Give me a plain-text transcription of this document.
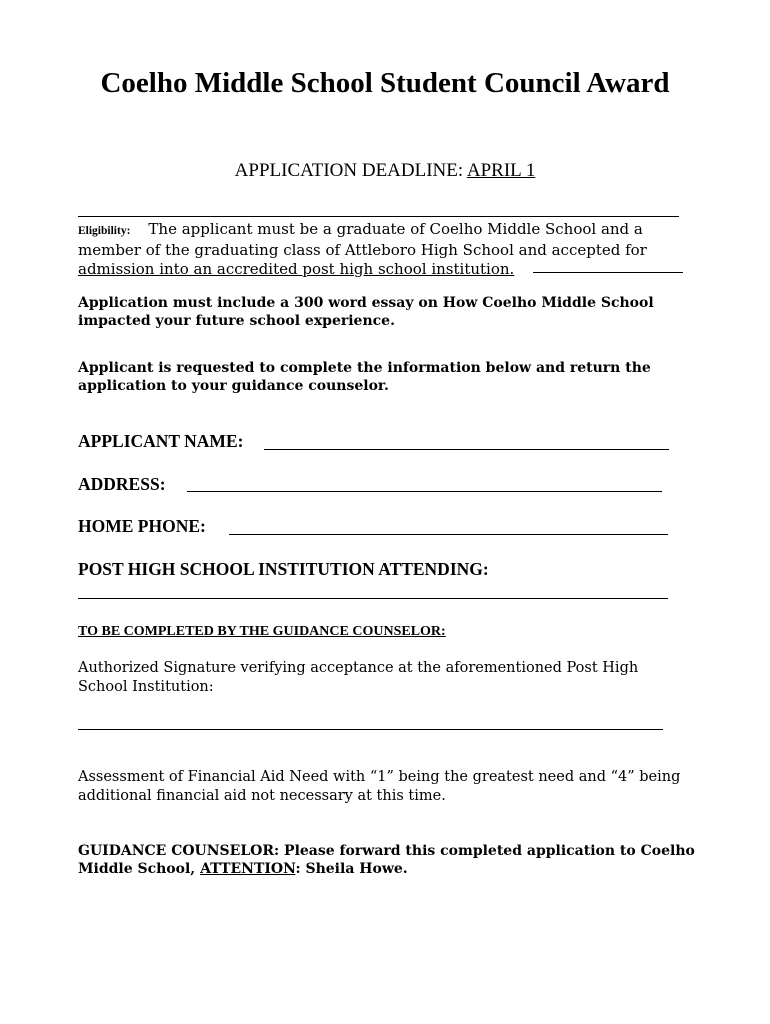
Coelho Middle School Student Council Award
APPLICATION DEADLINE: APRIL 1
Eligibility: The applicant must be a graduate of Coelho Middle School and a
member of the graduating class of Attleboro High School and accepted for
admission into an accredited post high school institution.
Application must include a 300 word essay on How Coelho Middle School impacted your future school experience.
Applicant is requested to complete the information below and return the application to your guidance counselor.
APPLICANT NAME:
ADDRESS:
HOME PHONE:
POST HIGH SCHOOL INSTITUTION ATTENDING:
TO BE COMPLETED BY THE GUIDANCE COUNSELOR:
Authorized Signature verifying acceptance at the aforementioned Post High School Institution:
Assessment of Financial Aid Need with “1” being the greatest need and “4” being additional financial aid not necessary at this time.
GUIDANCE COUNSELOR: Please forward this completed application to Coelho Middle School, ATTENTION: Sheila Howe.
